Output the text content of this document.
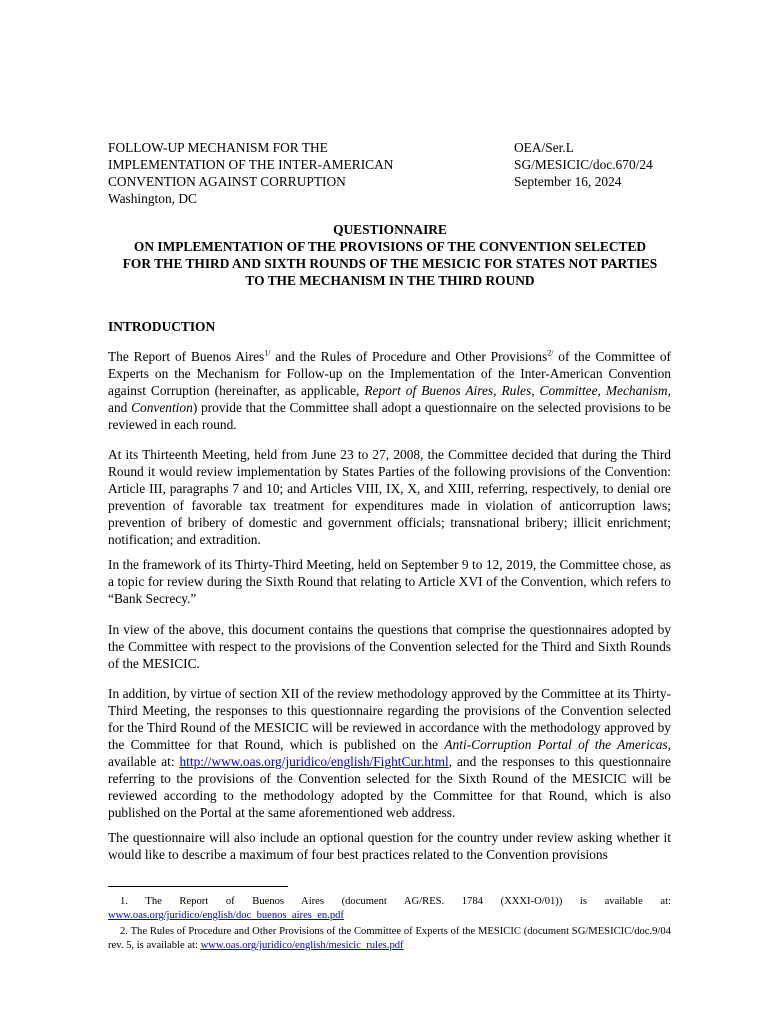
FOLLOW-UP MECHANISM FOR THE
IMPLEMENTATION OF THE INTER-AMERICAN
CONVENTION AGAINST CORRUPTION
Washington, DC
OEA/Ser.L
SG/MESICIC/doc.670/24
September 16, 2024
QUESTIONNAIRE
ON IMPLEMENTATION OF THE PROVISIONS OF THE CONVENTION SELECTED
FOR THE THIRD AND SIXTH ROUNDS OF THE MESICIC FOR STATES NOT PARTIES
TO THE MECHANISM IN THE THIRD ROUND
INTRODUCTION
The Report of Buenos Aires$^{1/}$ and the Rules of Procedure and Other Provisions$^{2/}$ of the Committee of Experts on the Mechanism for Follow-up on the Implementation of the Inter-American Convention against Corruption (hereinafter, as applicable, Report of Buenos Aires, Rules, Committee, Mechanism, and Convention) provide that the Committee shall adopt a questionnaire on the selected provisions to be reviewed in each round.
At its Thirteenth Meeting, held from June 23 to 27, 2008, the Committee decided that during the Third Round it would review implementation by States Parties of the following provisions of the Convention: Article III, paragraphs 7 and 10; and Articles VIII, IX, X, and XIII, referring, respectively, to denial ore prevention of favorable tax treatment for expenditures made in violation of anticorruption laws; prevention of bribery of domestic and government officials; transnational bribery; illicit enrichment; notification; and extradition.
In the framework of its Thirty-Third Meeting, held on September 9 to 12, 2019, the Committee chose, as a topic for review during the Sixth Round that relating to Article XVI of the Convention, which refers to “Bank Secrecy.”
In view of the above, this document contains the questions that comprise the questionnaires adopted by the Committee with respect to the provisions of the Convention selected for the Third and Sixth Rounds of the MESICIC.
In addition, by virtue of section XII of the review methodology approved by the Committee at its Thirty-Third Meeting, the responses to this questionnaire regarding the provisions of the Convention selected for the Third Round of the MESICIC will be reviewed in accordance with the methodology approved by the Committee for that Round, which is published on the Anti-Corruption Portal of the Americas, available at: http://www.oas.org/juridico/english/FightCur.html, and the responses to this questionnaire referring to the provisions of the Convention selected for the Sixth Round of the MESICIC will be reviewed according to the methodology adopted by the Committee for that Round, which is also published on the Portal at the same aforementioned web address.
The questionnaire will also include an optional question for the country under review asking whether it would like to describe a maximum of four best practices related to the Convention provisions
1. The Report of Buenos Aires (document AG/RES. 1784 (XXXI-O/01)) is available at: www.oas.org/juridico/english/doc_buenos_aires_en.pdf
2. The Rules of Procedure and Other Provisions of the Committee of Experts of the MESICIC (document SG/MESICIC/doc.9/04 rev. 5, is available at: www.oas.org/juridico/english/mesicic_rules.pdf
